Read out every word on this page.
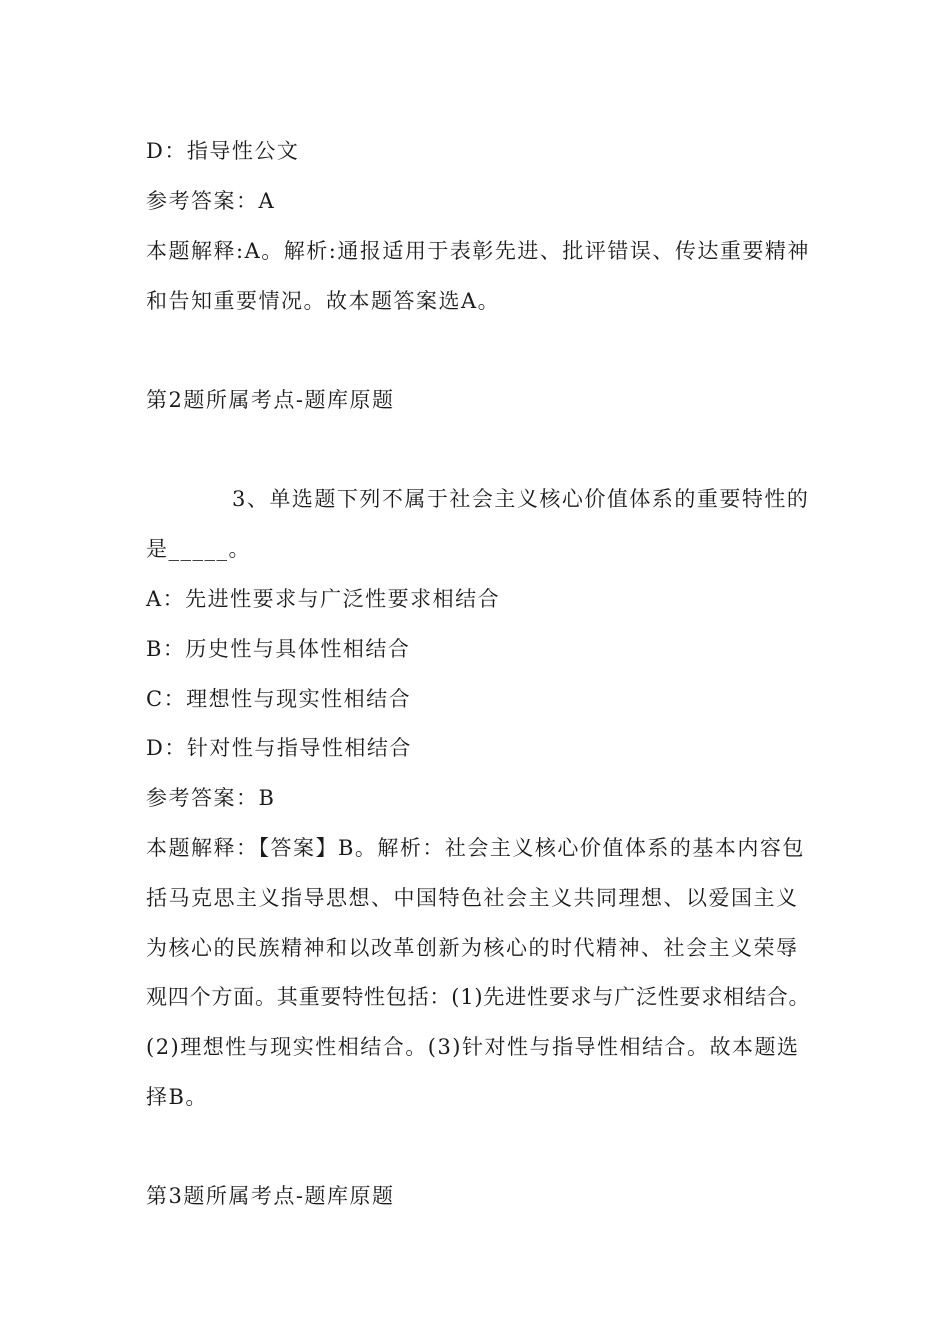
D：指导性公文
参考答案：A
本题解释:A。解析:通报适用于表彰先进、批评错误、传达重要精神
和告知重要情况。故本题答案选A。
第2题所属考点-题库原题
3、单选题下列不属于社会主义核心价值体系的重要特性的
是_____。
A：先进性要求与广泛性要求相结合
B：历史性与具体性相结合
C：理想性与现实性相结合
D：针对性与指导性相结合
参考答案：B
本题解释：【答案】B。解析：社会主义核心价值体系的基本内容包
括马克思主义指导思想、中国特色社会主义共同理想、以爱国主义
为核心的民族精神和以改革创新为核心的时代精神、社会主义荣辱
观四个方面。其重要特性包括：(1)先进性要求与广泛性要求相结合。
(2)理想性与现实性相结合。(3)针对性与指导性相结合。故本题选
择B。
第3题所属考点-题库原题
